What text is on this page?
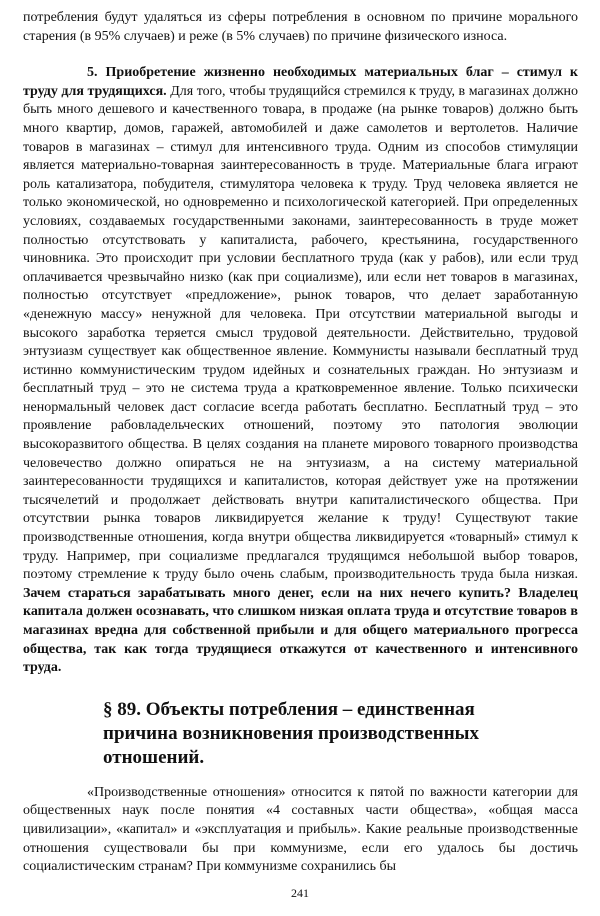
потребления будут удаляться из сферы потребления в основном по причине морального старения (в 95% случаев) и реже (в 5% случаев) по причине физического износа.

5. Приобретение жизненно необходимых материальных благ – стимул к труду для трудящихся. Для того, чтобы трудящийся стремился к труду, в магазинах должно быть много дешевого и качественного товара, в продаже (на рынке товаров) должно быть много квартир, домов, гаражей, автомобилей и даже самолетов и вертолетов. Наличие товаров в магазинах – стимул для интенсивного труда. Одним из способов стимуляции является материально-товарная заинтересованность в труде. Материальные блага играют роль катализатора, побудителя, стимулятора человека к труду. Труд человека является не только экономической, но одновременно и психологической категорией. При определенных условиях, создаваемых государственными законами, заинтересованность в труде может полностью отсутствовать у капиталиста, рабочего, крестьянина, государственного чиновника. Это происходит при условии бесплатного труда (как у рабов), или если труд оплачивается чрезвычайно низко (как при социализме), или если нет товаров в магазинах, полностью отсутствует «предложение», рынок товаров, что делает заработанную «денежную массу» ненужной для человека. При отсутствии материальной выгоды и высокого заработка теряется смысл трудовой деятельности. Действительно, трудовой энтузиазм существует как общественное явление. Коммунисты называли бесплатный труд истинно коммунистическим трудом идейных и сознательных граждан. Но энтузиазм и бесплатный труд – это не система труда а кратковременное явление. Только психически ненормальный человек даст согласие всегда работать бесплатно. Бесплатный труд – это проявление рабовладельческих отношений, поэтому это патология эволюции высокоразвитого общества. В целях создания на планете мирового товарного производства человечество должно опираться не на энтузиазм, а на систему материальной заинтересованности трудящихся и капиталистов, которая действует уже на протяжении тысячелетий и продолжает действовать внутри капиталистического общества. При отсутствии рынка товаров ликвидируется желание к труду! Существуют такие производственные отношения, когда внутри общества ликвидируется «товарный» стимул к труду. Например, при социализме предлагался трудящимся небольшой выбор товаров, поэтому стремление к труду было очень слабым, производительность труда была низкая. Зачем стараться зарабатывать много денег, если на них нечего купить? Владелец капитала должен осознавать, что слишком низкая оплата труда и отсутствие товаров в магазинах вредна для собственной прибыли и для общего материального прогресса общества, так как тогда трудящиеся откажутся от качественного и интенсивного труда.

§ 89. Объекты потребления – единственная причина возникновения производственных отношений.

«Производственные отношения» относится к пятой по важности категории для общественных наук после понятия «4 составных части общества», «общая масса цивилизации», «капитал» и «эксплуатация и прибыль». Какие реальные производственные отношения существовали бы при коммунизме, если его удалось бы достичь социалистическим странам? При коммунизме сохранились бы

241
